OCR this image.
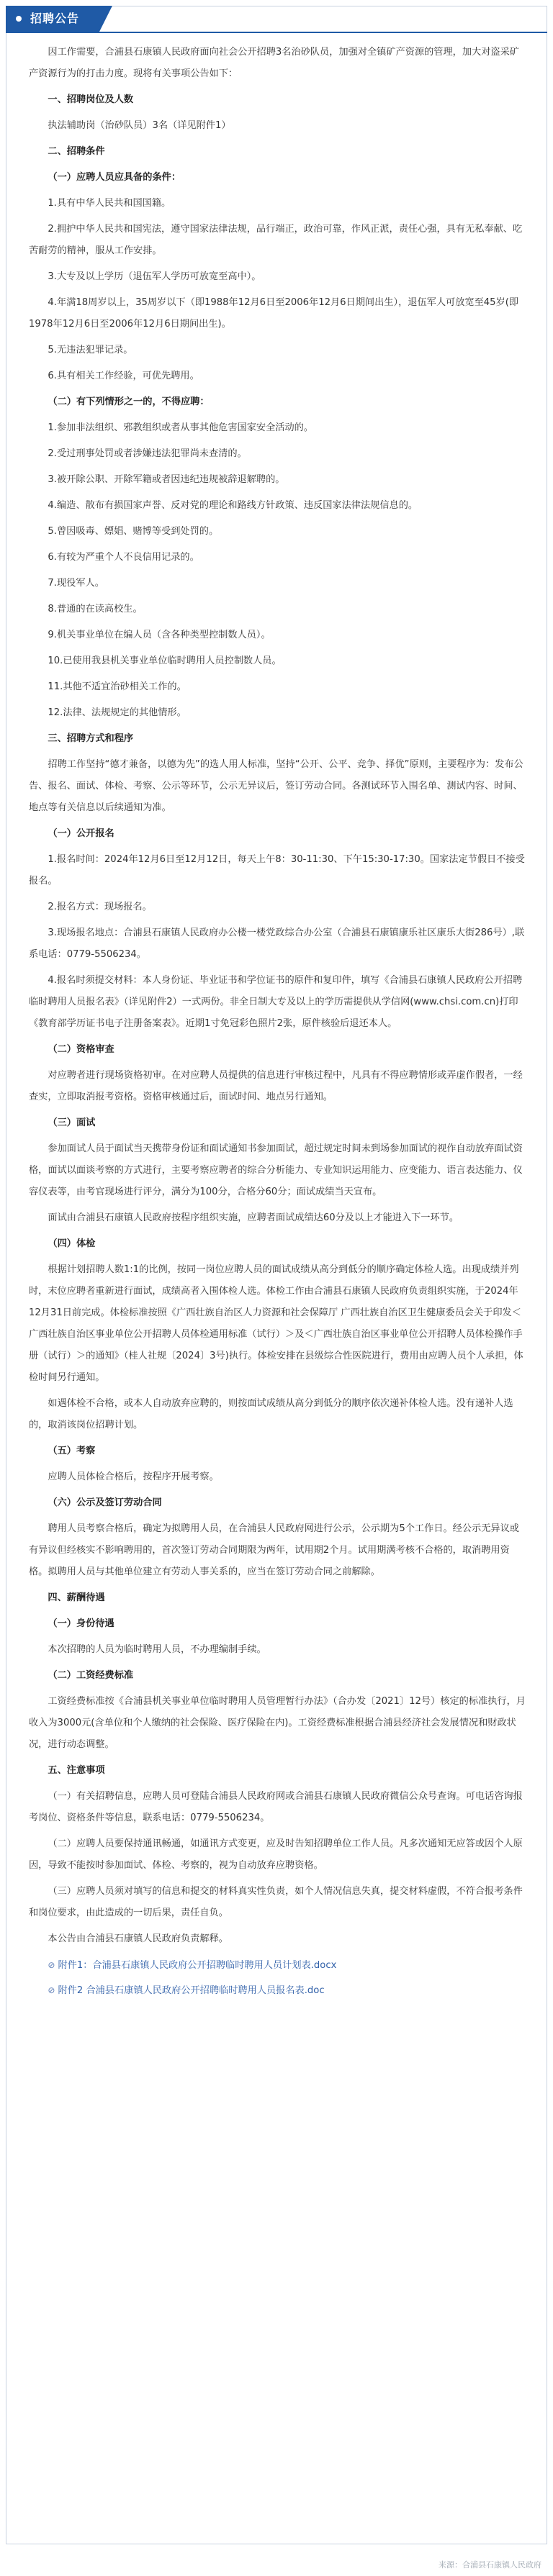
招聘公告

因工作需要，合浦县石康镇人民政府面向社会公开招聘3名治砂队员，加强对全镇矿产资源的管理，加大对盗采矿产资源行为的打击力度。现将有关事项公告如下：

一、招聘岗位及人数

执法辅助岗（治砂队员）3名（详见附件1）

二、招聘条件

（一）应聘人员应具备的条件：

1.具有中华人民共和国国籍。

2.拥护中华人民共和国宪法，遵守国家法律法规，品行端正，政治可靠，作风正派，责任心强，具有无私奉献、吃苦耐劳的精神，服从工作安排。

3.大专及以上学历（退伍军人学历可放宽至高中）。

4.年满18周岁以上，35周岁以下（即1988年12月6日至2006年12月6日期间出生），退伍军人可放宽至45岁(即1978年12月6日至2006年12月6日期间出生)。

5.无违法犯罪记录。

6.具有相关工作经验，可优先聘用。

（二）有下列情形之一的，不得应聘：

1.参加非法组织、邪教组织或者从事其他危害国家安全活动的。

2.受过刑事处罚或者涉嫌违法犯罪尚未查清的。

3.被开除公职、开除军籍或者因违纪违规被辞退解聘的。

4.编造、散布有损国家声誉、反对党的理论和路线方针政策、违反国家法律法规信息的。

5.曾因吸毒、嫖娼、赌博等受到处罚的。

6.有较为严重个人不良信用记录的。

7.现役军人。

8.普通的在读高校生。

9.机关事业单位在编人员（含各种类型控制数人员）。

10.已使用我县机关事业单位临时聘用人员控制数人员。

11.其他不适宜治砂相关工作的。

12.法律、法规规定的其他情形。

三、招聘方式和程序

招聘工作坚持“德才兼备，以德为先”的选人用人标准，坚持“公开、公平、竞争、择优”原则，主要程序为：发布公告、报名、面试、体检、考察、公示等环节，公示无异议后，签订劳动合同。各测试环节入围名单、测试内容、时间、地点等有关信息以后续通知为准。

（一）公开报名

1.报名时间：2024年12月6日至12月12日，每天上午8：30-11:30、下午15:30-17:30。国家法定节假日不接受报名。

2.报名方式：现场报名。

3.现场报名地点：合浦县石康镇人民政府办公楼一楼党政综合办公室（合浦县石康镇康乐社区康乐大街286号）,联系电话：0779-5506234。

4.报名时须提交材料：本人身份证、毕业证书和学位证书的原件和复印件，填写《合浦县石康镇人民政府公开招聘临时聘用人员报名表》（详见附件2）一式两份。非全日制大专及以上的学历需提供从学信网(www.chsi.com.cn)打印《教育部学历证书电子注册备案表》。近期1寸免冠彩色照片2张，原件核验后退还本人。

（二）资格审查

对应聘者进行现场资格初审。在对应聘人员提供的信息进行审核过程中，凡具有不得应聘情形或弄虚作假者，一经查实，立即取消报考资格。资格审核通过后，面试时间、地点另行通知。

（三）面试

参加面试人员于面试当天携带身份证和面试通知书参加面试，超过规定时间未到场参加面试的视作自动放弃面试资格，面试以面谈考察的方式进行，主要考察应聘者的综合分析能力、专业知识运用能力、应变能力、语言表达能力、仪容仪表等，由考官现场进行评分，满分为100分，合格分60分；面试成绩当天宣布。

面试由合浦县石康镇人民政府按程序组织实施，应聘者面试成绩达60分及以上才能进入下一环节。

（四）体检

根据计划招聘人数1:1的比例，按同一岗位应聘人员的面试成绩从高分到低分的顺序确定体检人选。出现成绩并列时，末位应聘者重新进行面试，成绩高者入围体检人选。体检工作由合浦县石康镇人民政府负责组织实施，于2024年12月31日前完成。体检标准按照《广西壮族自治区人力资源和社会保障厅 广西壮族自治区卫生健康委员会关于印发＜广西壮族自治区事业单位公开招聘人员体检通用标准（试行）＞及＜广西壮族自治区事业单位公开招聘人员体检操作手册（试行）＞的通知》（桂人社规〔2024〕3号)执行。体检安排在县级综合性医院进行，费用由应聘人员个人承担，体检时间另行通知。

如遇体检不合格，或本人自动放弃应聘的，则按面试成绩从高分到低分的顺序依次递补体检人选。没有递补人选的，取消该岗位招聘计划。

（五）考察

应聘人员体检合格后，按程序开展考察。

（六）公示及签订劳动合同

聘用人员考察合格后，确定为拟聘用人员，在合浦县人民政府网进行公示，公示期为5个工作日。经公示无异议或有异议但经核实不影响聘用的，首次签订劳动合同期限为两年，试用期2个月。试用期满考核不合格的，取消聘用资格。拟聘用人员与其他单位建立有劳动人事关系的，应当在签订劳动合同之前解除。

四、薪酬待遇

（一）身份待遇

本次招聘的人员为临时聘用人员，不办理编制手续。

（二）工资经费标准

工资经费标准按《合浦县机关事业单位临时聘用人员管理暂行办法》（合办发〔2021〕12号）核定的标准执行，月收入为3000元(含单位和个人缴纳的社会保险、医疗保险在内)。工资经费标准根据合浦县经济社会发展情况和财政状况，进行动态调整。

五、注意事项

（一）有关招聘信息，应聘人员可登陆合浦县人民政府网或合浦县石康镇人民政府微信公众号查询。可电话咨询报考岗位、资格条件等信息，联系电话：0779-5506234。

（二）应聘人员要保持通讯畅通，如通讯方式变更，应及时告知招聘单位工作人员。凡多次通知无应答或因个人原因，导致不能按时参加面试、体检、考察的，视为自动放弃应聘资格。

（三）应聘人员须对填写的信息和提交的材料真实性负责，如个人情况信息失真，提交材料虚假，不符合报考条件和岗位要求，由此造成的一切后果，责任自负。

本公告由合浦县石康镇人民政府负责解释。

⊘ 附件1：合浦县石康镇人民政府公开招聘临时聘用人员计划表.docx
⊘ 附件2 合浦县石康镇人民政府公开招聘临时聘用人员报名表.doc
来源：合浦县石康镇人民政府
